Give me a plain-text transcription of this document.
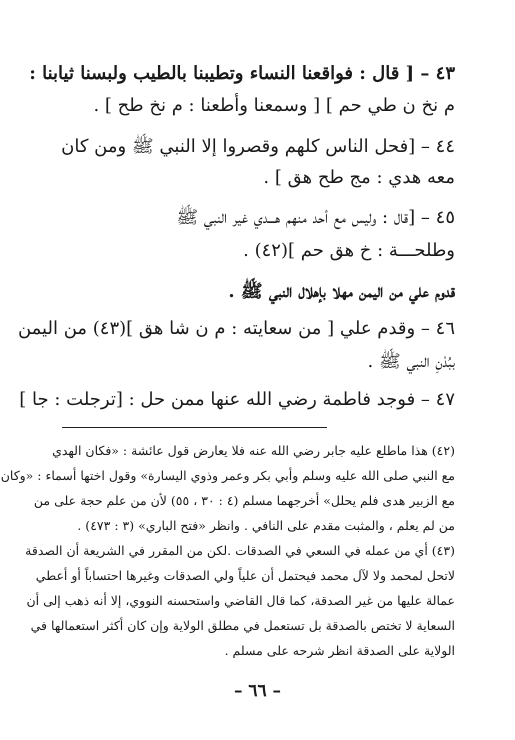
٤٣ – [ قال : فواقعنا النساء وتطيبنا بالطيب ولبسنا ثيابنا :
م نخ ن طي حم ] [ وسمعنا وأطعنا : م نخ طح ] .
٤٤ – [فحل الناس كلهم وقصروا إلا النبي ﷺ ومن كان
معه هدي : مج طح هق ] .
٤٥ – [قال : وليس مع أحد منهم هـــدي غير النبي ﷺ
وطلحـــة : خ هق حم ](٤٢) .
قدوم علي من اليمن مهلا بإهلال النبي ﷺ .
٤٦ – وقدم علي [ من سعايته : م ن شا هق ](٤٣) من اليمن
ببُدْنِ النبي ﷺ .
٤٧ – فوجد فاطمة رضي الله عنها ممن حل : [ترجلت : جا ]
(٤٢) هذا ماطلع عليه جابر رضي الله عنه فلا يعارض قول عائشة : «فكان الهدي
مع النبي صلى الله عليه وسلم وأبي بكر وعمر وذوي اليسارة» وقول اختها أسماء : «وكان
مع الزبير هدى فلم يحلل» أخرجهما مسلم (٤ : ٣٠ ، ٥٥) لأن من علم حجة على من
من لم يعلم ، والمثبت مقدم على النافي . وانظر «فتح الباري» (٣ : ٤٧٣) .
(٤٣) أي من عمله في السعي في الصدقات .لكن من المقرر في الشريعة أن الصدقة
لاتحل لمحمد ولا لآل محمد فيحتمل أن علياً ولي الصدقات وغيرها احتساباً أو أعطي
عمالة عليها من غير الصدقة، كما قال القاضي واستحسنه النووي، إلا أنه ذهب إلى أن
السعاية لا تختص بالصدقة بل تستعمل في مطلق الولاية وإن كان أكثر استعمالها في
الولاية على الصدقة انظر شرحه على مسلم .
– ٦٦ –
